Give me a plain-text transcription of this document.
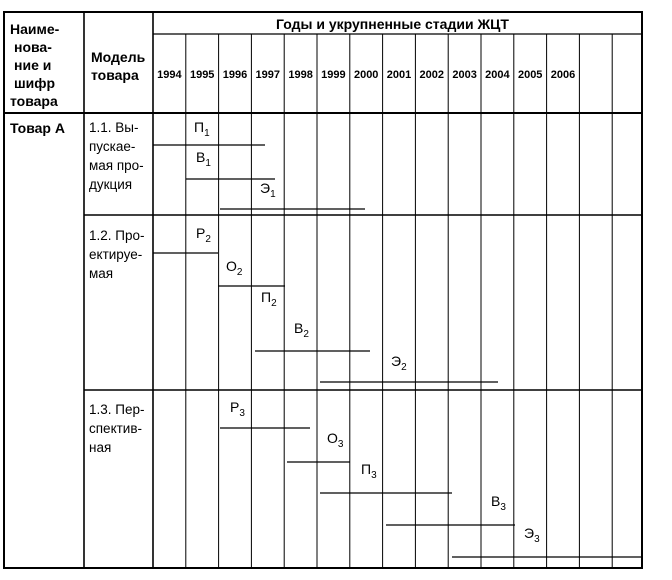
Наиме-
нова-
ние и
шифр
товара
Модель
товара
Годы и укрупненные стадии ЖЦТ
1994 1995 1996 1997 1998 1999 2000 2001 2002 2003 2004 2005 2006
Товар А 1.1. Вы-
пускае-
мая про-
дукция
1.2. Про-
ектируе-
мая
1.3. Пер-
спектив-
ная
$П_1$
$В_1$
$Э_1$
$Р_2$
$О_2$
$П_2$
$В_2$
$Э_2$
$Р_3$
$О_3$
$П_3$
$В_3$
$Э_3$
